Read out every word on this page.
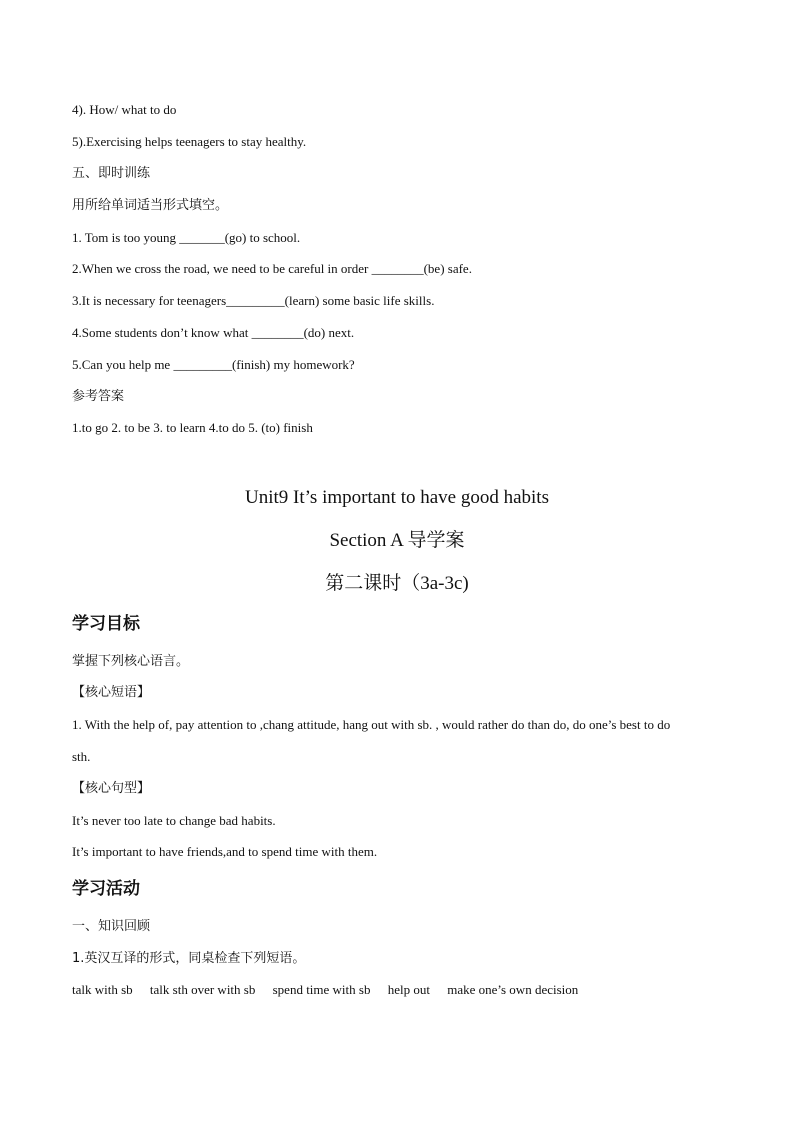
4). How/ what to do
5).Exercising helps teenagers to stay healthy.
五、即时训练
用所给单词适当形式填空。
1. Tom is too young _______(go) to school.
2.When we cross the road, we need to be careful in order ________(be) safe.
3.It is necessary for teenagers_________(learn) some basic life skills.
4.Some students don’t know what ________(do) next.
5.Can you help me _________(finish) my homework?
参考答案
1.to go 2. to be 3. to learn 4.to do 5. (to) finish
Unit9 It’s important to have good habits
Section A 导学案
第二课时（3a-3c)
学习目标
掌握下列核心语言。
【核心短语】
1. With the help of, pay attention to ,chang attitude, hang out with sb. , would rather do than do, do one’s best to do
sth.
【核心句型】
It’s never too late to change bad habits.
It’s important to have friends,and to spend time with them.
学习活动
一、知识回顾
1.英汉互译的形式，同桌检查下列短语。
talk with sb talk sth over with sb spend time with sb help out make one’s own decision
